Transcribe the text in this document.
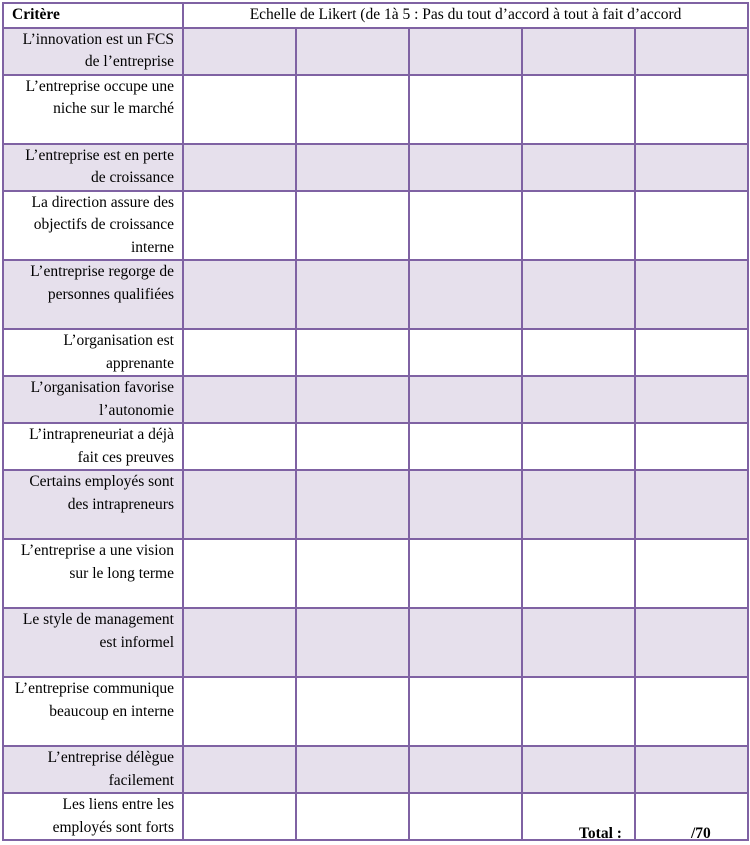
Critère	Echelle de Likert (de 1à 5 : Pas du tout d’accord à tout à fait d’accord				
L’innovation est un FCS de l’entreprise					
L’entreprise occupe une niche sur le marché					
L’entreprise est en perte de croissance					
La direction assure des objectifs de croissance interne					
L’entreprise regorge de personnes qualifiées					
L’organisation est apprenante					
L’organisation favorise l’autonomie					
L’intrapreneuriat a déjà fait ces preuves					
Certains employés sont des intrapreneurs					
L’entreprise a une vision sur le long terme					
Le style de management est informel					
L’entreprise communique beaucoup en interne					
L’entreprise délègue facilement					
Les liens entre les employés sont forts						Total :	/70
